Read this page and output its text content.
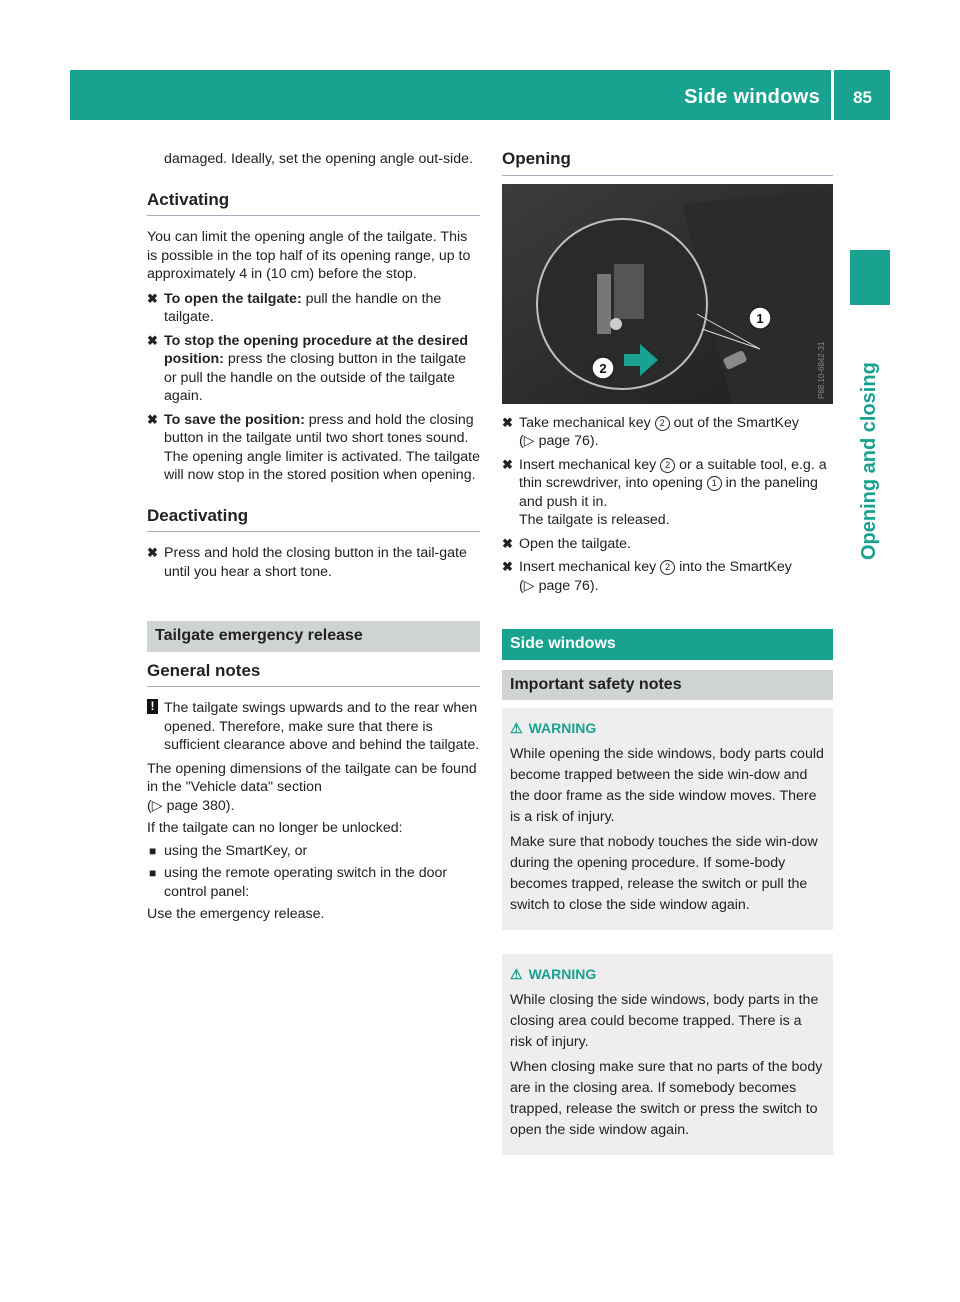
Side windows 85
Opening and closing

damaged. Ideally, set the opening angle out-side.

Activating

You can limit the opening angle of the tailgate. This is possible in the top half of its opening range, up to approximately 4 in (10 cm) before the stop.

✖ To open the tailgate: pull the handle on the tailgate.
✖ To stop the opening procedure at the desired position: press the closing button in the tailgate or pull the handle on the outside of the tailgate again.
✖ To save the position: press and hold the closing button in the tailgate until two short tones sound.
The opening angle limiter is activated. The tailgate will now stop in the stored position when opening.
Deactivating
✖ Press and hold the closing button in the tail-gate until you hear a short tone.
Tailgate emergency release
General notes
! The tailgate swings upwards and to the rear when opened. Therefore, make sure that there is sufficient clearance above and behind the tailgate.

The opening dimensions of the tailgate can be found in the "Vehicle data" section
(▷ page 380).

If the tailgate can no longer be unlocked:

■ using the SmartKey, or
■ using the remote operating switch in the door control panel:

Use the emergency release.

Opening
1
2	P88.10-6842-31
✖ Take mechanical key 2 out of the SmartKey
(▷ page 76).
✖ Insert mechanical key 2 or a suitable tool, e.g. a thin screwdriver, into opening 1 in the paneling and push it in.
The tailgate is released.
✖ Open the tailgate.
✖ Insert mechanical key 2 into the SmartKey
(▷ page 76).
Side windows
Important safety notes
⚠ WARNING

While opening the side windows, body parts could become trapped between the side win-dow and the door frame as the side window moves. There is a risk of injury.

Make sure that nobody touches the side win-dow during the opening procedure. If some-body becomes trapped, release the switch or pull the switch to close the side window again.

⚠ WARNING

While closing the side windows, body parts in the closing area could become trapped. There is a risk of injury.

When closing make sure that no parts of the body are in the closing area. If somebody becomes trapped, release the switch or press the switch to open the side window again.
